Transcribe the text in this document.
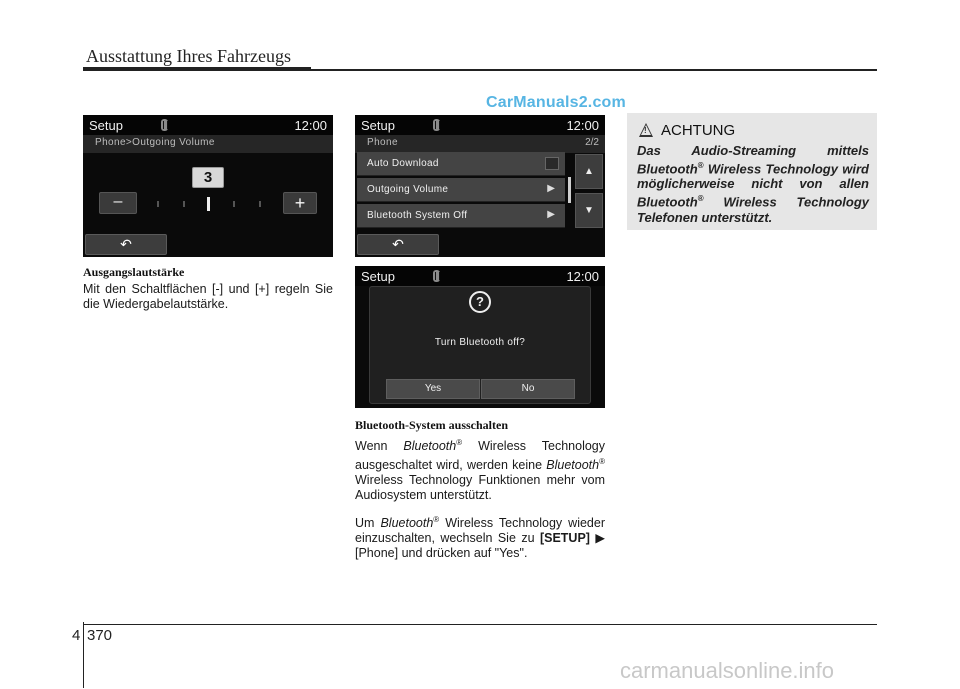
Ausstattung Ihres Fahrzeugs
CarManuals2.com
Setup	12:00
Phone>Outgoing Volume
3
–	+
↶
Setup	12:00
Phone	2/2
Auto Download
Outgoing Volume	▶
Bluetooth System Off	▶
▲
▼
↶
Setup	12:00
?
Turn Bluetooth off?
Yes	No
Ausgangslautstärke
Mit den Schaltflächen [-] und [+] regeln Sie die Wiedergabelautstärke.
Bluetooth-System ausschalten
Wenn Bluetooth® Wireless Technology ausgeschaltet wird, werden keine Bluetooth® Wireless Technology Funktionen mehr vom Audiosystem unterstützt.
Um Bluetooth® Wireless Technology wieder einzuschalten, wechseln Sie zu [SETUP] ▶ [Phone] und drücken auf "Yes".
! ACHTUNG
Das Audio-Streaming mittels Bluetooth® Wireless Technology wird möglicherweise nicht von allen Bluetooth® Wireless Technology Telefonen unterstützt.
4 370
carmanualsonline.info
